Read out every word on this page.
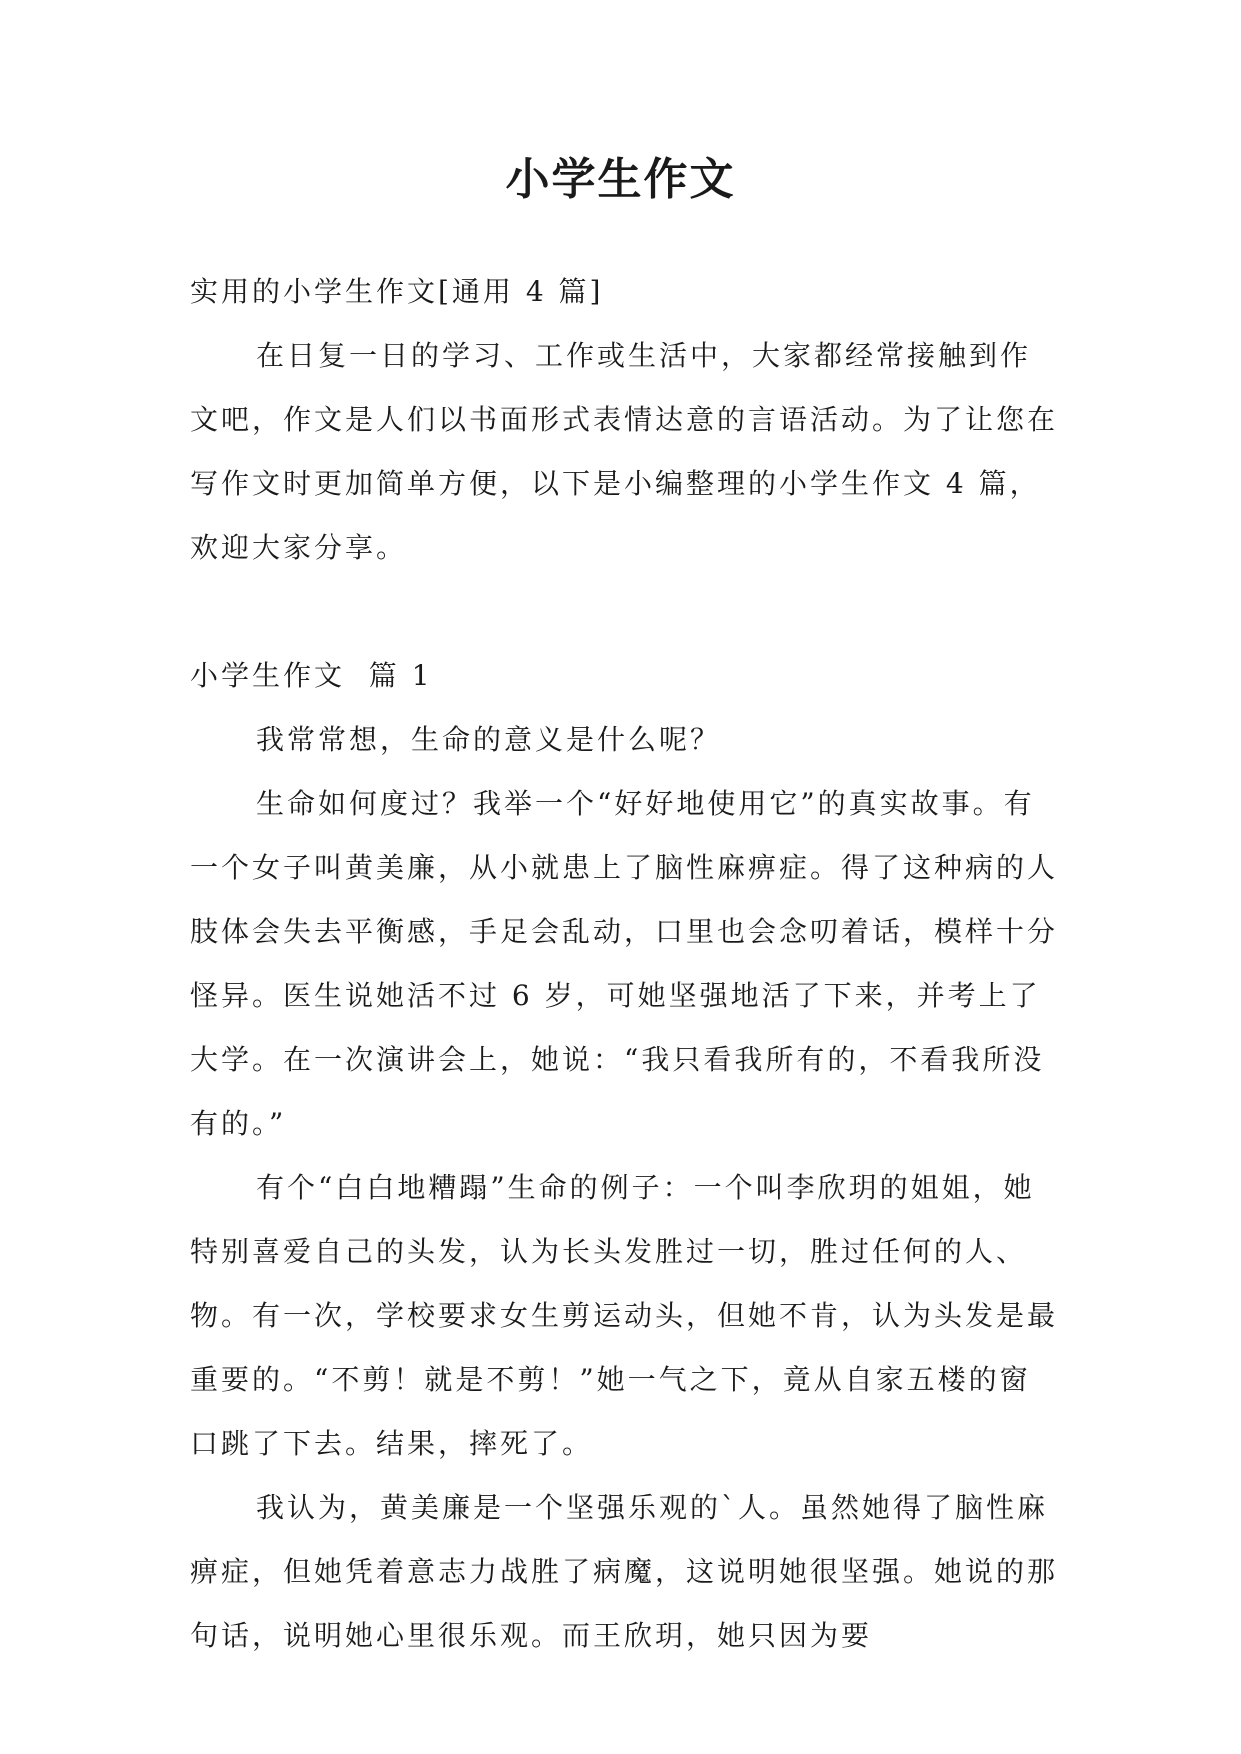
小学生作文

实用的小学生作文[通用 4 篇]

在日复一日的学习、工作或生活中，大家都经常接触到作文吧，作文是人们以书面形式表情达意的言语活动。为了让您在写作文时更加简单方便，以下是小编整理的小学生作文 4 篇，欢迎大家分享。

小学生作文  篇 1

我常常想，生命的意义是什么呢？

生命如何度过？我举一个“好好地使用它”的真实故事。有一个女子叫黄美廉，从小就患上了脑性麻痹症。得了这种病的人肢体会失去平衡感，手足会乱动，口里也会念叨着话，模样十分怪异。医生说她活不过 6 岁，可她坚强地活了下来，并考上了大学。在一次演讲会上，她说：“我只看我所有的，不看我所没有的。”

有个“白白地糟蹋”生命的例子：一个叫李欣玥的姐姐，她特别喜爱自己的头发，认为长头发胜过一切，胜过任何的人、物。有一次，学校要求女生剪运动头，但她不肯，认为头发是最重要的。“不剪！就是不剪！”她一气之下，竟从自家五楼的窗口跳了下去。结果，摔死了。

我认为，黄美廉是一个坚强乐观的`人。虽然她得了脑性麻痹症，但她凭着意志力战胜了病魔，这说明她很坚强。她说的那句话，说明她心里很乐观。而王欣玥，她只因为要
